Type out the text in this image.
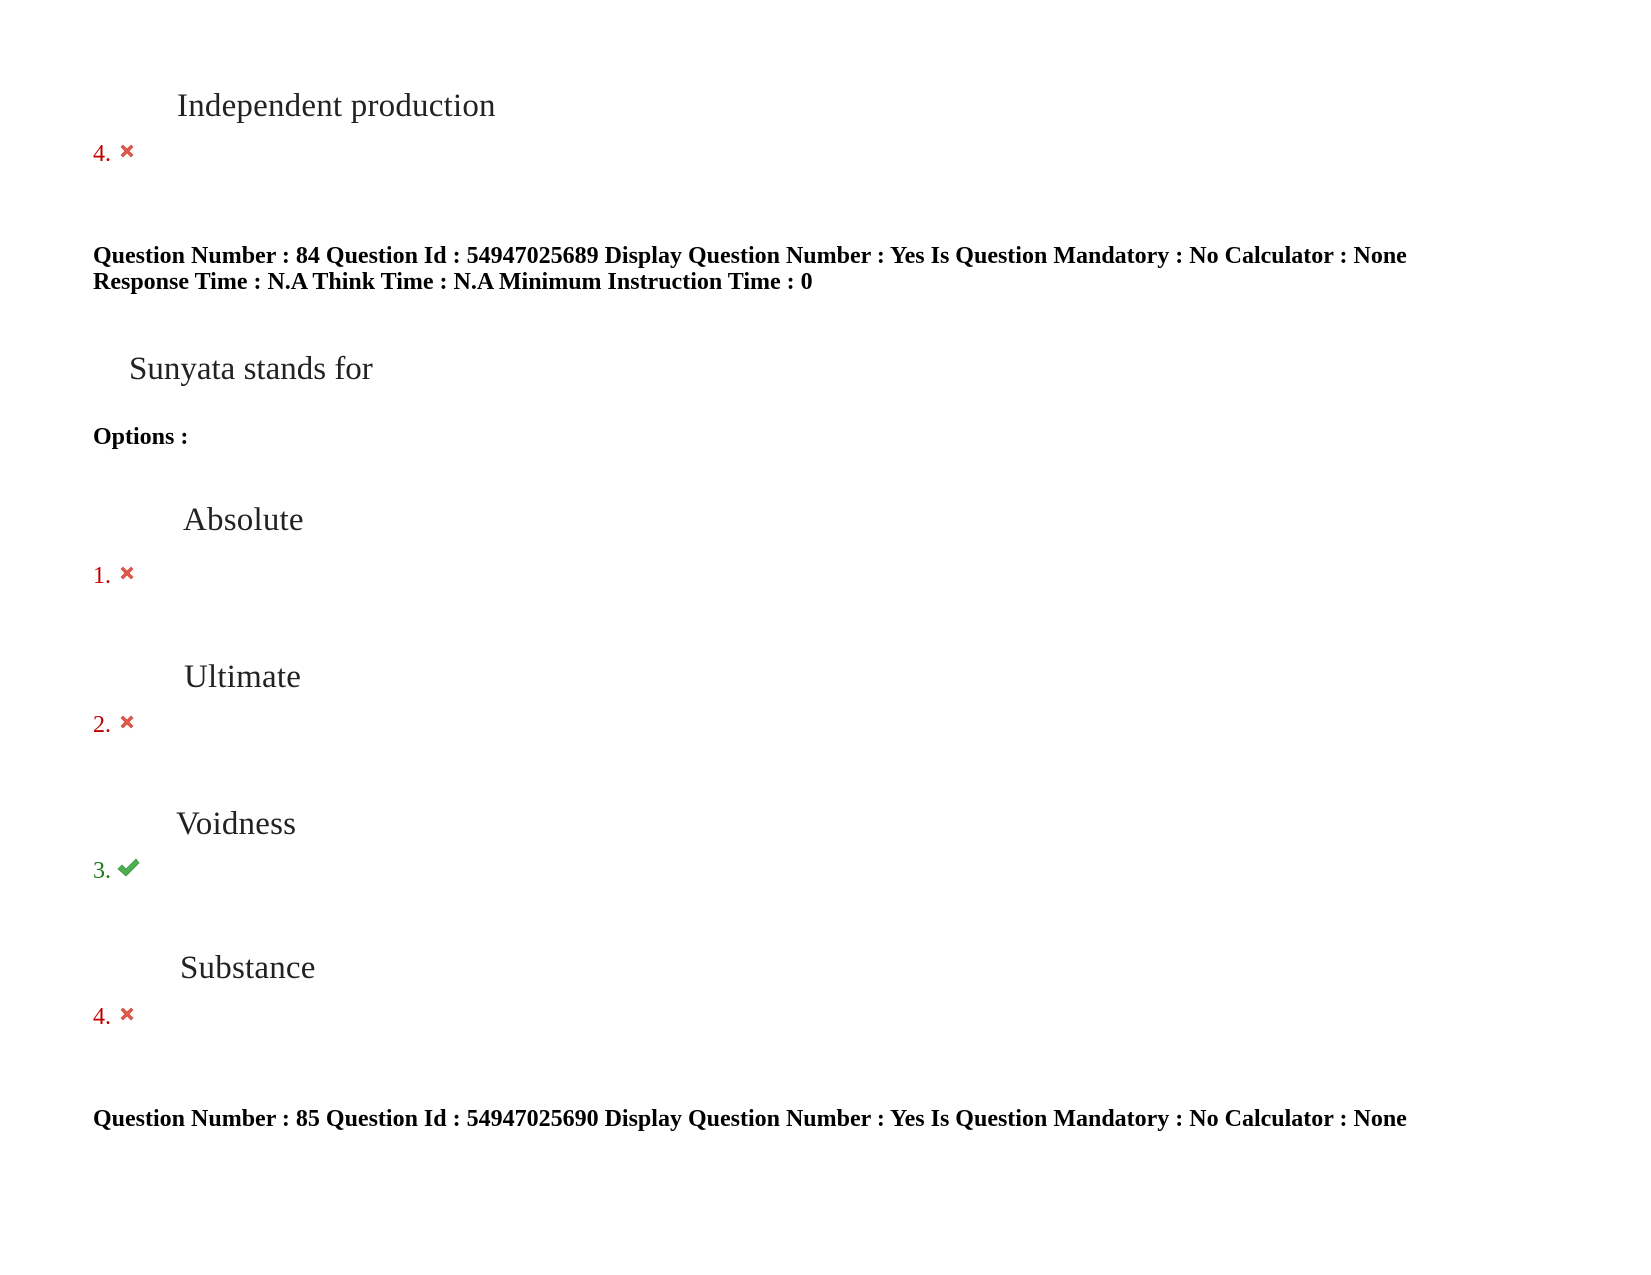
Independent production
4.
Question Number : 84 Question Id : 54947025689 Display Question Number : Yes Is Question Mandatory : No Calculator : None
Response Time : N.A Think Time : N.A Minimum Instruction Time : 0
Sunyata stands for
Options :
Absolute
1.
Ultimate
2.
Voidness
3.
Substance
4.
Question Number : 85 Question Id : 54947025690 Display Question Number : Yes Is Question Mandatory : No Calculator : None
